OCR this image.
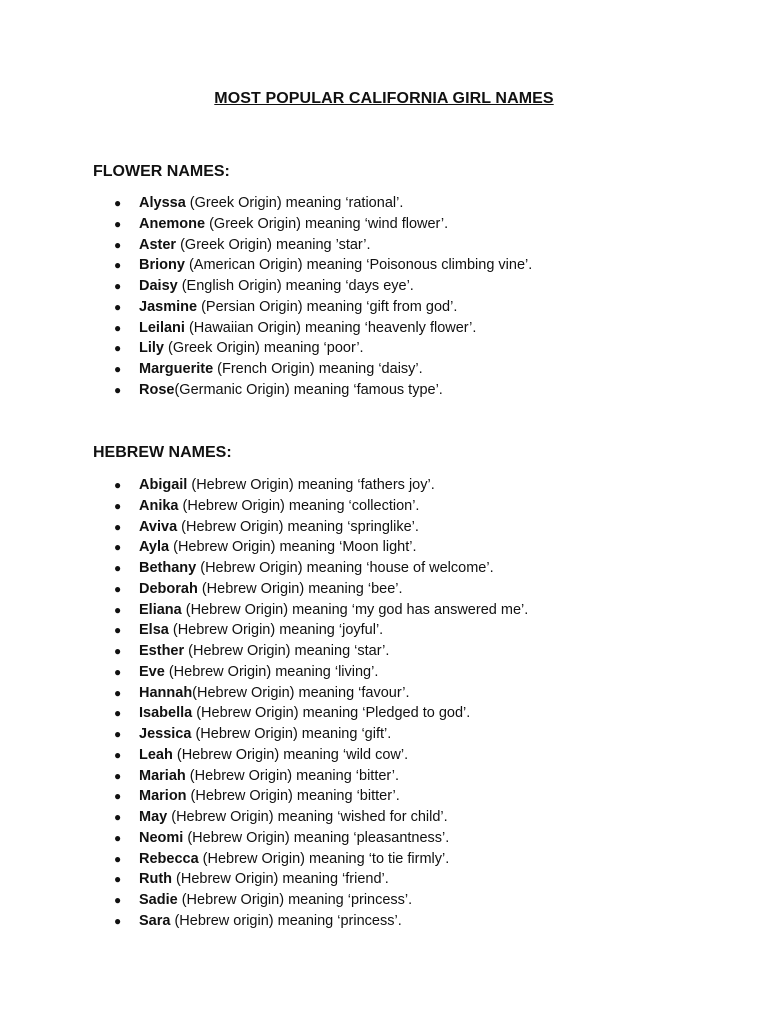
MOST POPULAR CALIFORNIA GIRL NAMES
FLOWER NAMES:
● Alyssa (Greek Origin) meaning ‘rational’.
● Anemone (Greek Origin) meaning ‘wind flower’.
● Aster (Greek Origin) meaning ’star’.
● Briony (American Origin) meaning ‘Poisonous climbing vine’.
● Daisy (English Origin) meaning ‘days eye’.
● Jasmine (Persian Origin) meaning ‘gift from god’.
● Leilani (Hawaiian Origin) meaning ‘heavenly flower’.
● Lily (Greek Origin) meaning ‘poor’.
● Marguerite (French Origin) meaning ‘daisy’.
● Rose(Germanic Origin) meaning ‘famous type’.
HEBREW NAMES:
● Abigail (Hebrew Origin) meaning ‘fathers joy’.
● Anika (Hebrew Origin) meaning ‘collection’.
● Aviva (Hebrew Origin) meaning ‘springlike’.
● Ayla (Hebrew Origin) meaning ‘Moon light’.
● Bethany (Hebrew Origin) meaning ‘house of welcome’.
● Deborah (Hebrew Origin) meaning ‘bee’.
● Eliana (Hebrew Origin) meaning ‘my god has answered me’.
● Elsa (Hebrew Origin) meaning ‘joyful’.
● Esther (Hebrew Origin) meaning ‘star’.
● Eve (Hebrew Origin) meaning ‘living’.
● Hannah(Hebrew Origin) meaning ‘favour’.
● Isabella (Hebrew Origin) meaning ‘Pledged to god’.
● Jessica (Hebrew Origin) meaning ‘gift’.
● Leah (Hebrew Origin) meaning ‘wild cow’.
● Mariah (Hebrew Origin) meaning ‘bitter’.
● Marion (Hebrew Origin) meaning ‘bitter’.
● May (Hebrew Origin) meaning ‘wished for child’.
● Neomi (Hebrew Origin) meaning ‘pleasantness’.
● Rebecca (Hebrew Origin) meaning ‘to tie firmly’.
● Ruth (Hebrew Origin) meaning ‘friend’.
● Sadie (Hebrew Origin) meaning ‘princess’.
● Sara (Hebrew origin) meaning ‘princess’.
